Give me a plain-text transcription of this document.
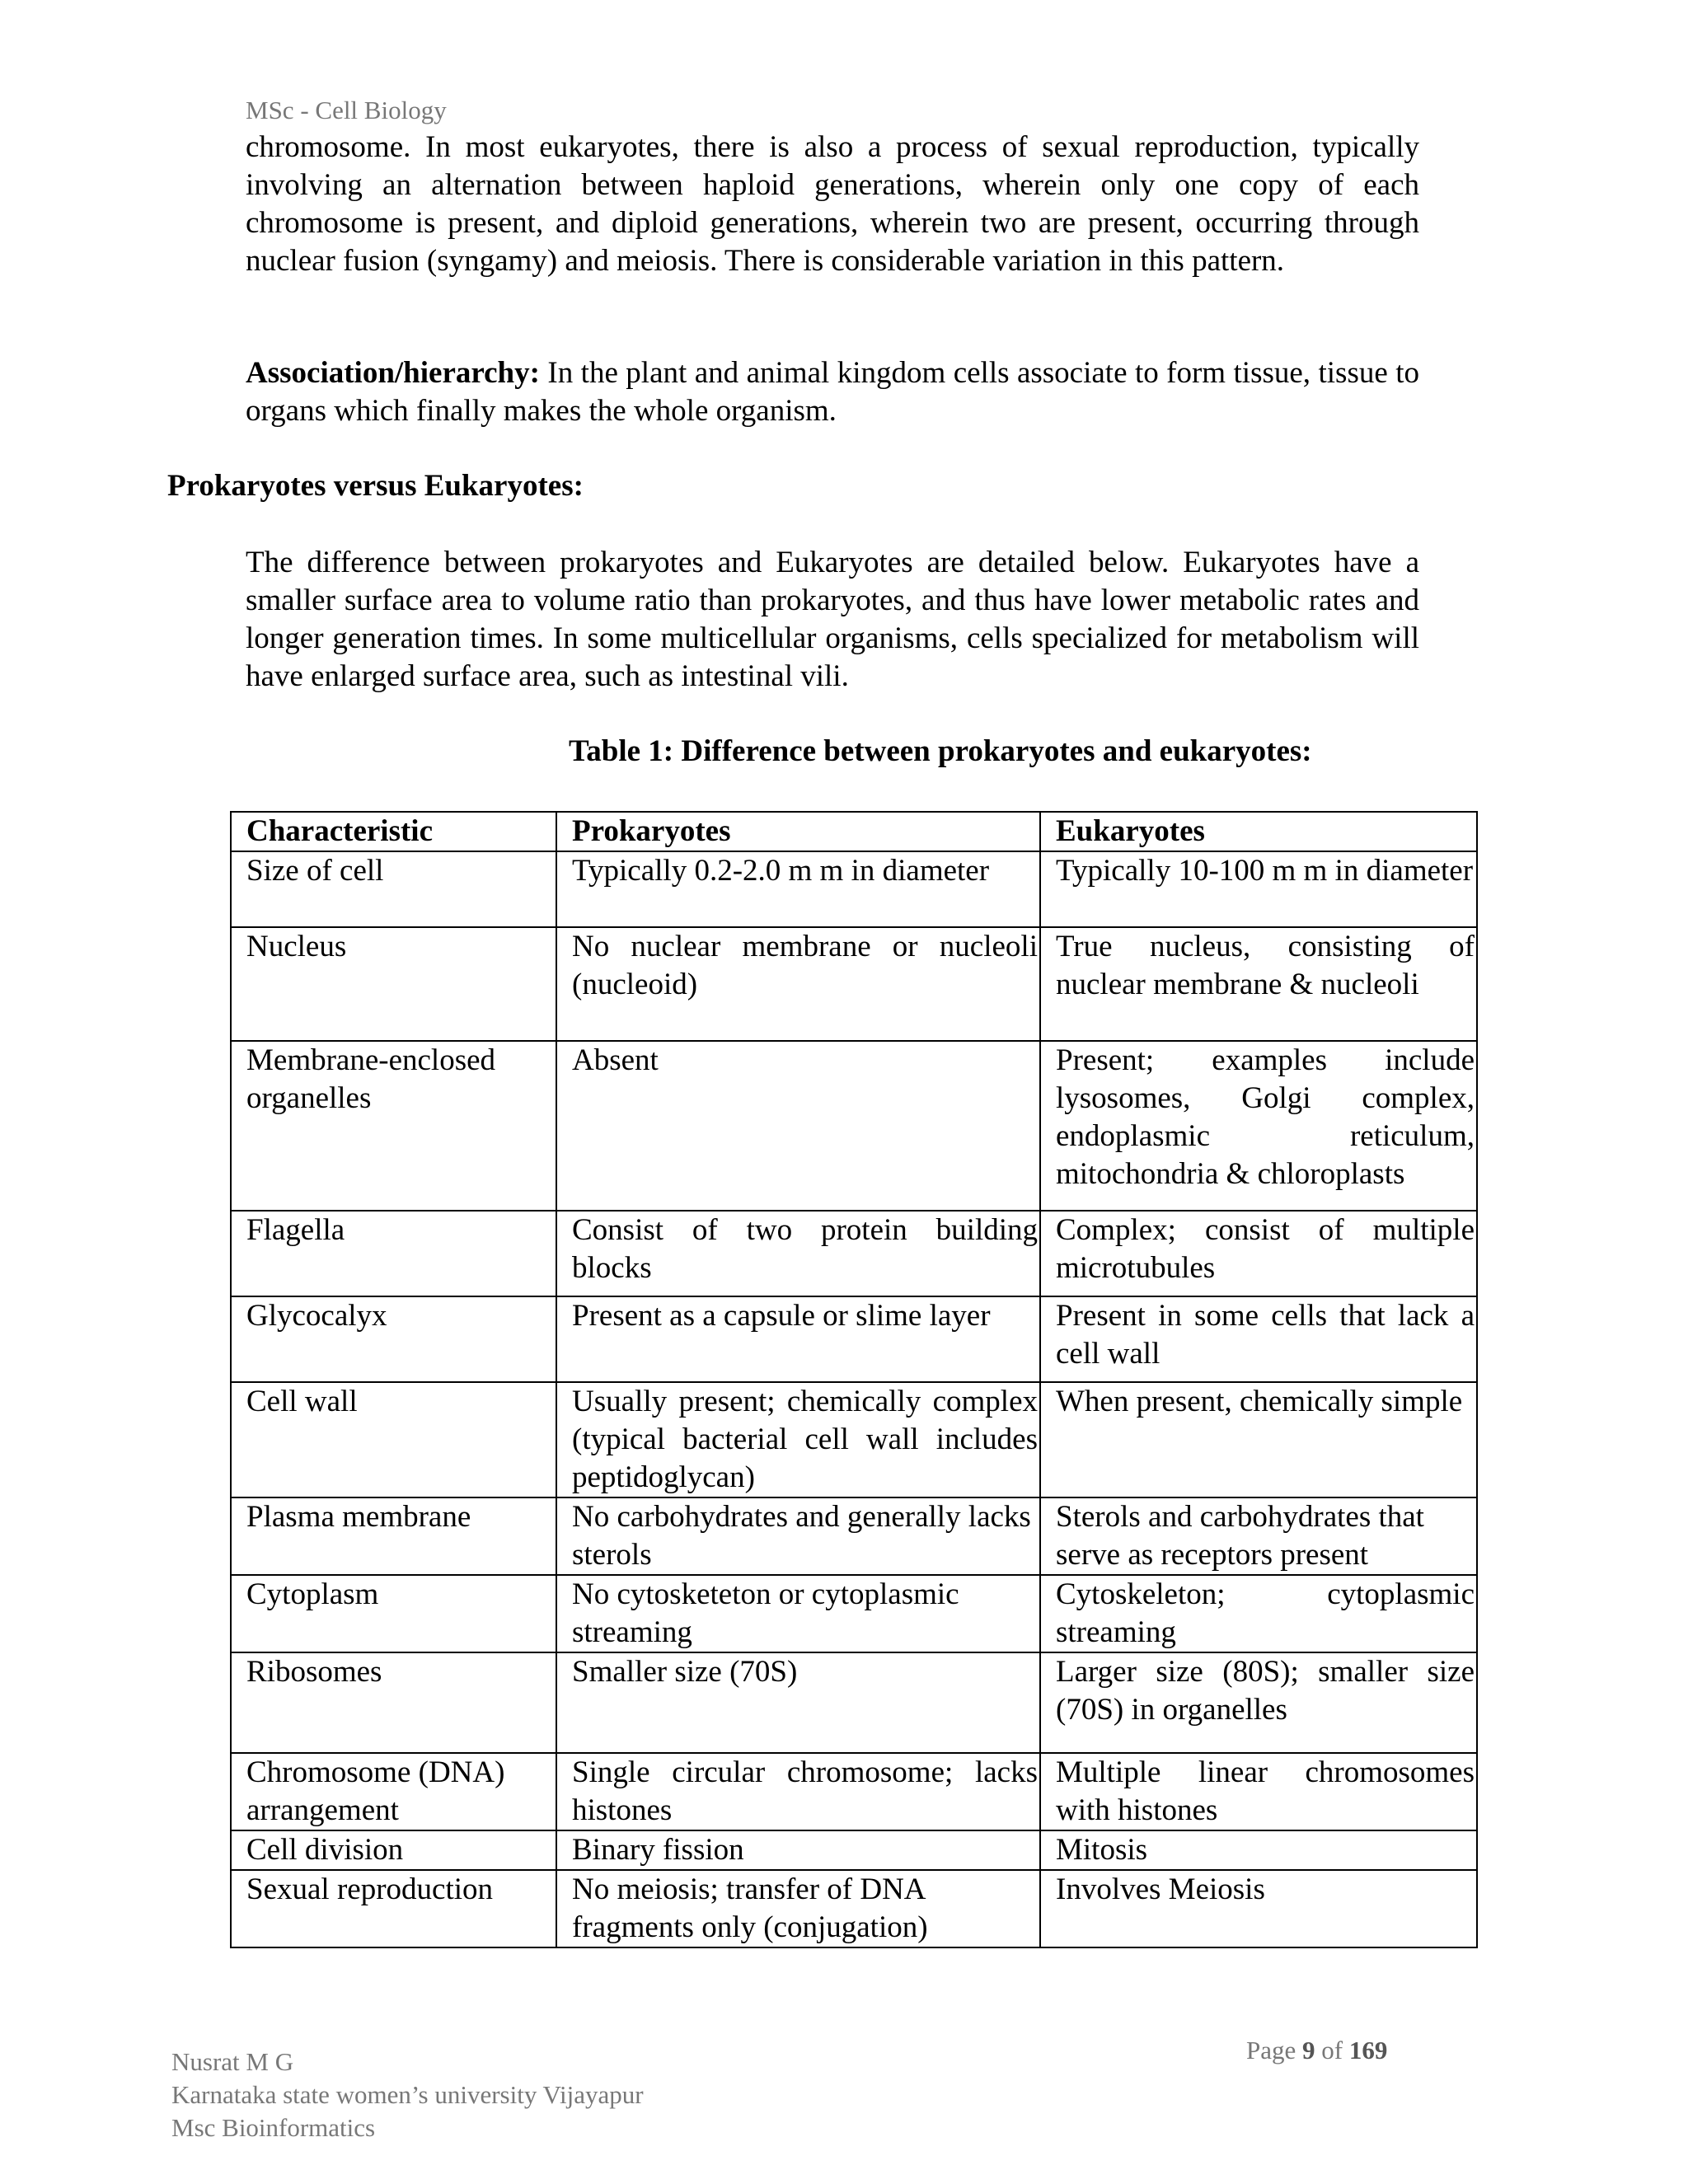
MSc - Cell Biology
chromosome. In most eukaryotes, there is also a process of sexual reproduction, typically involving an alternation between haploid generations, wherein only one copy of each chromosome is present, and diploid generations, wherein two are present, occurring through nuclear fusion (syngamy) and meiosis. There is considerable variation in this pattern.
Association/hierarchy: In the plant and animal kingdom cells associate to form tissue, tissue to organs which finally makes the whole organism.
Prokaryotes versus Eukaryotes:
The difference between prokaryotes and Eukaryotes are detailed below. Eukaryotes have a smaller surface area to volume ratio than prokaryotes, and thus have lower metabolic rates and longer generation times. In some multicellular organisms, cells specialized for metabolism will have enlarged surface area, such as intestinal vili.
Table 1: Difference between prokaryotes and eukaryotes:
Characteristic	Prokaryotes	Eukaryotes
Size of cell	Typically 0.2-2.0 m m in diameter	Typically 10-100 m m in diameter
Nucleus	No nuclear membrane or nucleoli (nucleoid)	True nucleus, consisting of nuclear membrane & nucleoli
Membrane-enclosed organelles	Absent	Present; examples include lysosomes, Golgi complex, endoplasmic reticulum, mitochondria & chloroplasts
Flagella	Consist of two protein building blocks	Complex; consist of multiple microtubules
Glycocalyx	Present as a capsule or slime layer	Present in some cells that lack a cell wall
Cell wall	Usually present; chemically complex (typical bacterial cell wall includes peptidoglycan)	When present, chemically simple
Plasma membrane	No carbohydrates and generally lacks sterols	Sterols and carbohydrates that serve as receptors present
Cytoplasm	No cytosketeton or cytoplasmic streaming	Cytoskeleton; cytoplasmic streaming
Ribosomes	Smaller size (70S)	Larger size (80S); smaller size (70S) in organelles
Chromosome (DNA) arrangement	Single circular chromosome; lacks histones	Multiple linear chromosomes with histones
Cell division	Binary fission	Mitosis
Sexual reproduction	No meiosis; transfer of DNA fragments only (conjugation)	Involves Meiosis
Nusrat M G
Karnataka state women’s university Vijayapur
Msc Bioinformatics
Page 9 of 169
